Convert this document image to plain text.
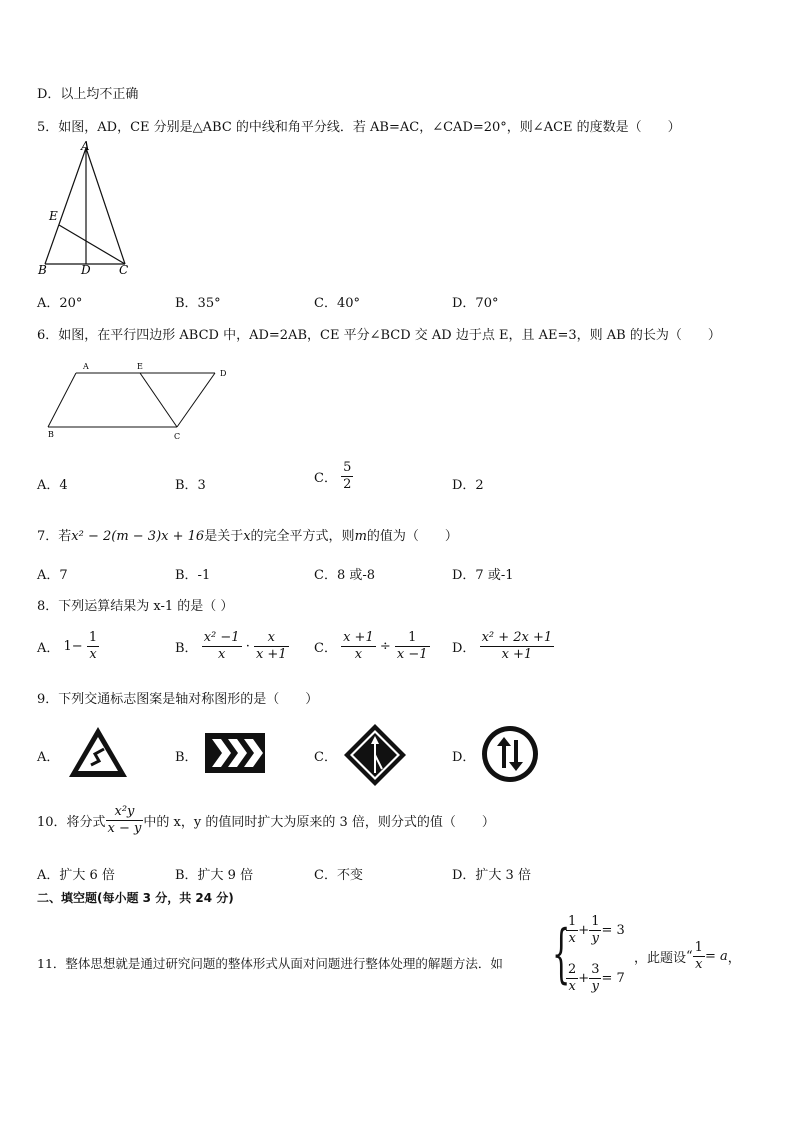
D．以上均不正确
5．如图，AD，CE 分别是△ABC 的中线和角平分线．若 AB=AC，∠CAD=20°，则∠ACE 的度数是（　　）
A
E
B	D C
A．20°	B．35°	C．40°	D．70°
6．如图，在平行四边形 ABCD 中，AD=2AB，CE 平分∠BCD 交 AD 边于点 E，且 AE=3，则 AB 的长为（　　）
A	E
D
B	C
A．4	B．3	C． $\frac{5}{2}$	D．2
7．若x² − 2(m − 3)x + 16是关于x的完全平方式，则m的值为（　　）
A．7	B．-1	C．8 或-8	D．7 或-1
8．下列运算结果为 x-1 的是（ ）
A． $1- \frac{1}{x}$	B． $\frac{\text{x² −1}}{x} \cdot \frac{x}{x +1}$ C． $\frac{x +1}{x} \div \frac{1}{x -1}$ D． $\frac{\text{x² + 2x +1}}{x +1}$
9．下列交通标志图案是轴对称图形的是（　　）
A．	B．	C．	D．
10．将分式 $\frac{\text{x²y}}{x - y}$ 中的 x，y 的值同时扩大为原来的 3 倍，则分式的值（　　）
A．扩大 6 倍	B．扩大 9 倍	C．不变	D．扩大 3 倍
二、填空题(每小题 3 分，共 24 分)
11．整体思想就是通过研究问题的整体形式从面对问题进行整体处理的解题方法．如 {
$\frac{1}{x} + \frac{1}{y} = 3$
$\frac{2}{x} + \frac{3}{y} = 7$
，此题设“ $\frac{1}{x} = a$，
